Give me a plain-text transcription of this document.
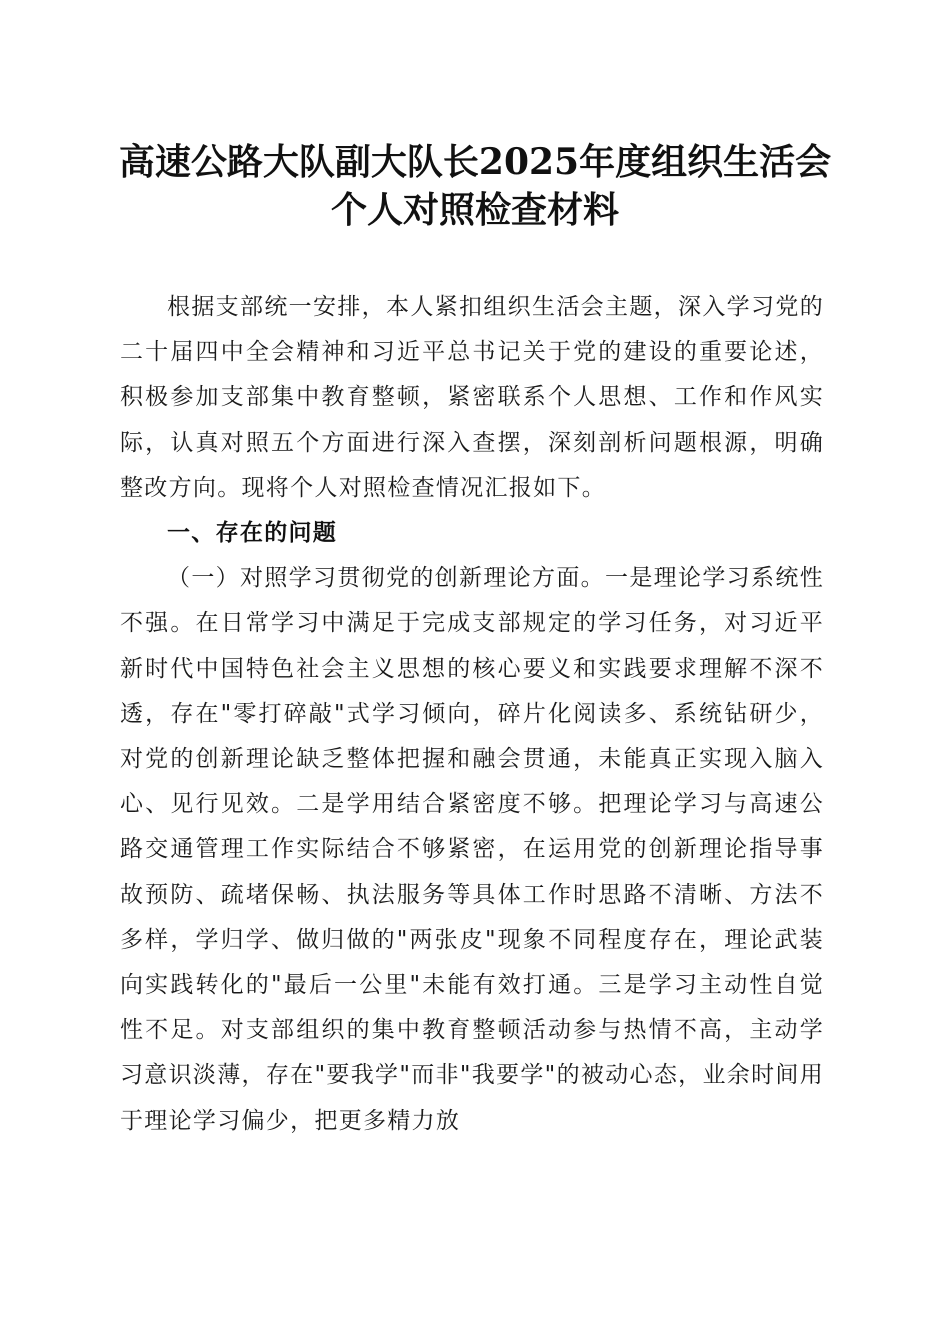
高速公路大队副大队长2025年度组织生活会
个人对照检查材料

根据支部统一安排，本人紧扣组织生活会主题，深入学习党的二十届四中全会精神和习近平总书记关于党的建设的重要论述，积极参加支部集中教育整顿，紧密联系个人思想、工作和作风实际，认真对照五个方面进行深入查摆，深刻剖析问题根源，明确整改方向。现将个人对照检查情况汇报如下。

一、存在的问题

（一）对照学习贯彻党的创新理论方面。一是理论学习系统性不强。在日常学习中满足于完成支部规定的学习任务，对习近平新时代中国特色社会主义思想的核心要义和实践要求理解不深不透，存在"零打碎敲"式学习倾向，碎片化阅读多、系统钻研少，对党的创新理论缺乏整体把握和融会贯通，未能真正实现入脑入心、见行见效。二是学用结合紧密度不够。把理论学习与高速公路交通管理工作实际结合不够紧密，在运用党的创新理论指导事故预防、疏堵保畅、执法服务等具体工作时思路不清晰、方法不多样，学归学、做归做的"两张皮"现象不同程度存在，理论武装向实践转化的"最后一公里"未能有效打通。三是学习主动性自觉性不足。对支部组织的集中教育整顿活动参与热情不高，主动学习意识淡薄，存在"要我学"而非"我要学"的被动心态，业余时间用于理论学习偏少，把更多精力放
